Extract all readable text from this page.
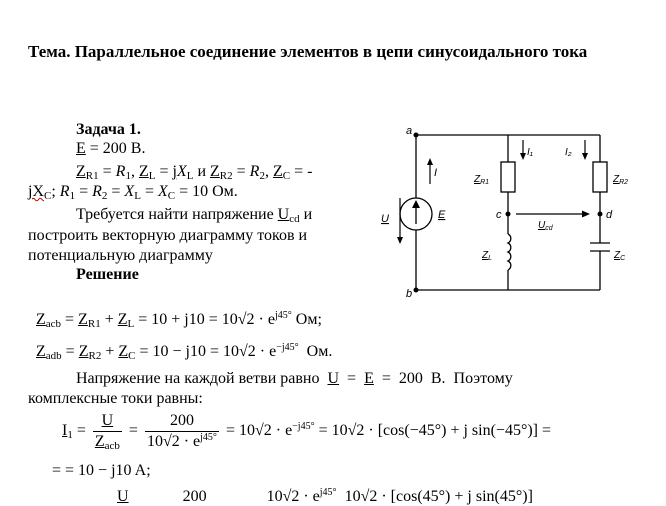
Тема. Параллельное соединение элементов в цепи синусоидального тока
Задача 1.
E = 200 В.
$Z_{R1} = R_1$, $Z_L = jX_L$ и $Z_{R2} = R_2$, $Z_C$ = -
$jX_C$; $R_1 = R_2 = X_L = X_C = 10$ Ом.
Требуется найти напряжение $U_{cd}$ и
построить векторную диаграмму токов и
потенциальную диаграмму
Решение
$Z_{acb} = Z_{R1} + Z_L = 10 + j10 = 10√2 \cdot e^{j45^\circ}$ Ом;
$Z_{adb} = Z_{R2} + Z_C = 10 - j10 = 10√2 \cdot e^{-j45^\circ}$ Ом.
Напряжение на каждой ветви равно U  =  E  =  200  В.  Поэтому
комплексные токи равны:
$I_1 = \frac{U}{Z_{acb}} = \frac{200}{10√2 \cdot e^{j45^\circ}} = 10√2 \cdot e^{-j45^\circ} = 10√2 \cdot [\cos(-45^\circ) + j$ sin(−45°)] =
= = 10 − j10 A;
U	200	$10√2 \cdot e^{j45^\circ}$  10√2 · [cos(45°) + j sin(45°)]
a
b
c	d
I
I₁	I₂
U	E
$Z_{R1}$	$Z_{R2}$
$Z_L$	$Z_C$
$U_{cd}$
